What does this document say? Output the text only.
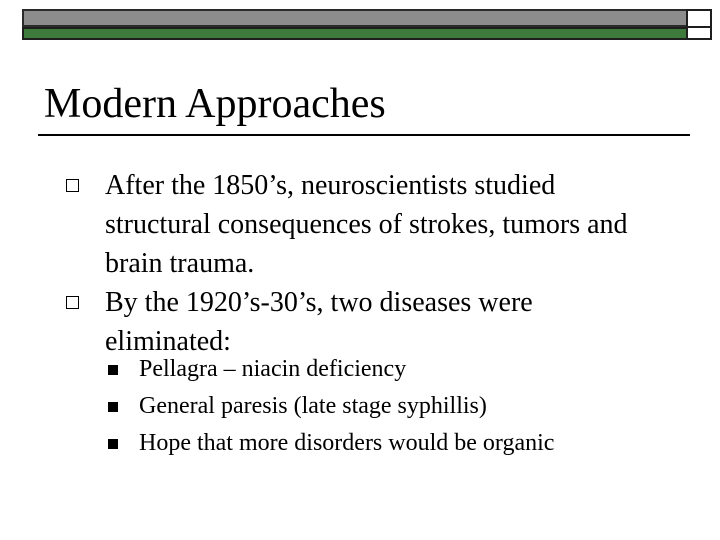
Modern Approaches

After the 1850’s, neuroscientists studied structural consequences of strokes, tumors and brain trauma.

By the 1920’s-30’s, two diseases were eliminated:

Pellagra – niacin deficiency

General paresis (late stage syphillis)

Hope that more disorders would be organic
